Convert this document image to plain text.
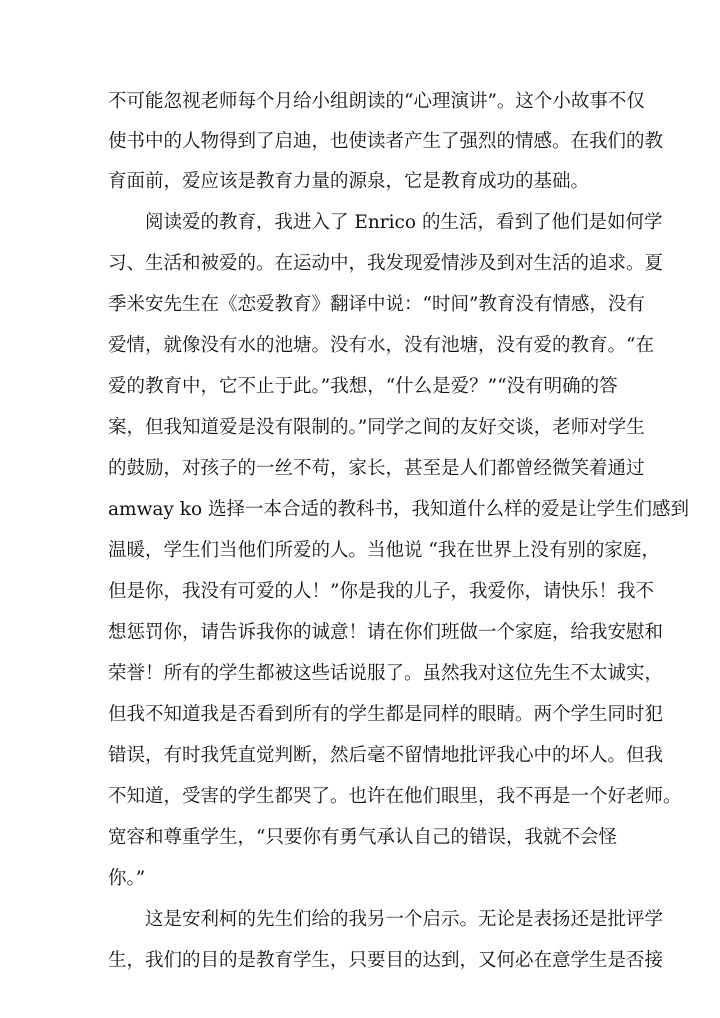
不可能忽视老师每个月给小组朗读的“心理演讲”。这个小故事不仅
使书中的人物得到了启迪，也使读者产生了强烈的情感。在我们的教
育面前，爱应该是教育力量的源泉，它是教育成功的基础。
阅读爱的教育，我进入了 Enrico 的生活，看到了他们是如何学
习、生活和被爱的。在运动中，我发现爱情涉及到对生活的追求。夏
季米安先生在《恋爱教育》翻译中说：“时间”教育没有情感，没有
爱情，就像没有水的池塘。没有水，没有池塘，没有爱的教育。“在
爱的教育中，它不止于此。”我想，“什么是爱？”“没有明确的答
案，但我知道爱是没有限制的。”同学之间的友好交谈，老师对学生
的鼓励，对孩子的一丝不苟，家长，甚至是人们都曾经微笑着通过
amway ko 选择一本合适的教科书，我知道什么样的爱是让学生们感到
温暖，学生们当他们所爱的人。当他说 “我在世界上没有别的家庭，
但是你，我没有可爱的人！”你是我的儿子，我爱你，请快乐！我不
想惩罚你，请告诉我你的诚意！请在你们班做一个家庭，给我安慰和
荣誉！所有的学生都被这些话说服了。虽然我对这位先生不太诚实，
但我不知道我是否看到所有的学生都是同样的眼睛。两个学生同时犯
错误，有时我凭直觉判断，然后毫不留情地批评我心中的坏人。但我
不知道，受害的学生都哭了。也许在他们眼里，我不再是一个好老师。
宽容和尊重学生，“只要你有勇气承认自己的错误，我就不会怪
你。”
这是安利柯的先生们给的我另一个启示。无论是表扬还是批评学
生，我们的目的是教育学生，只要目的达到，又何必在意学生是否接
